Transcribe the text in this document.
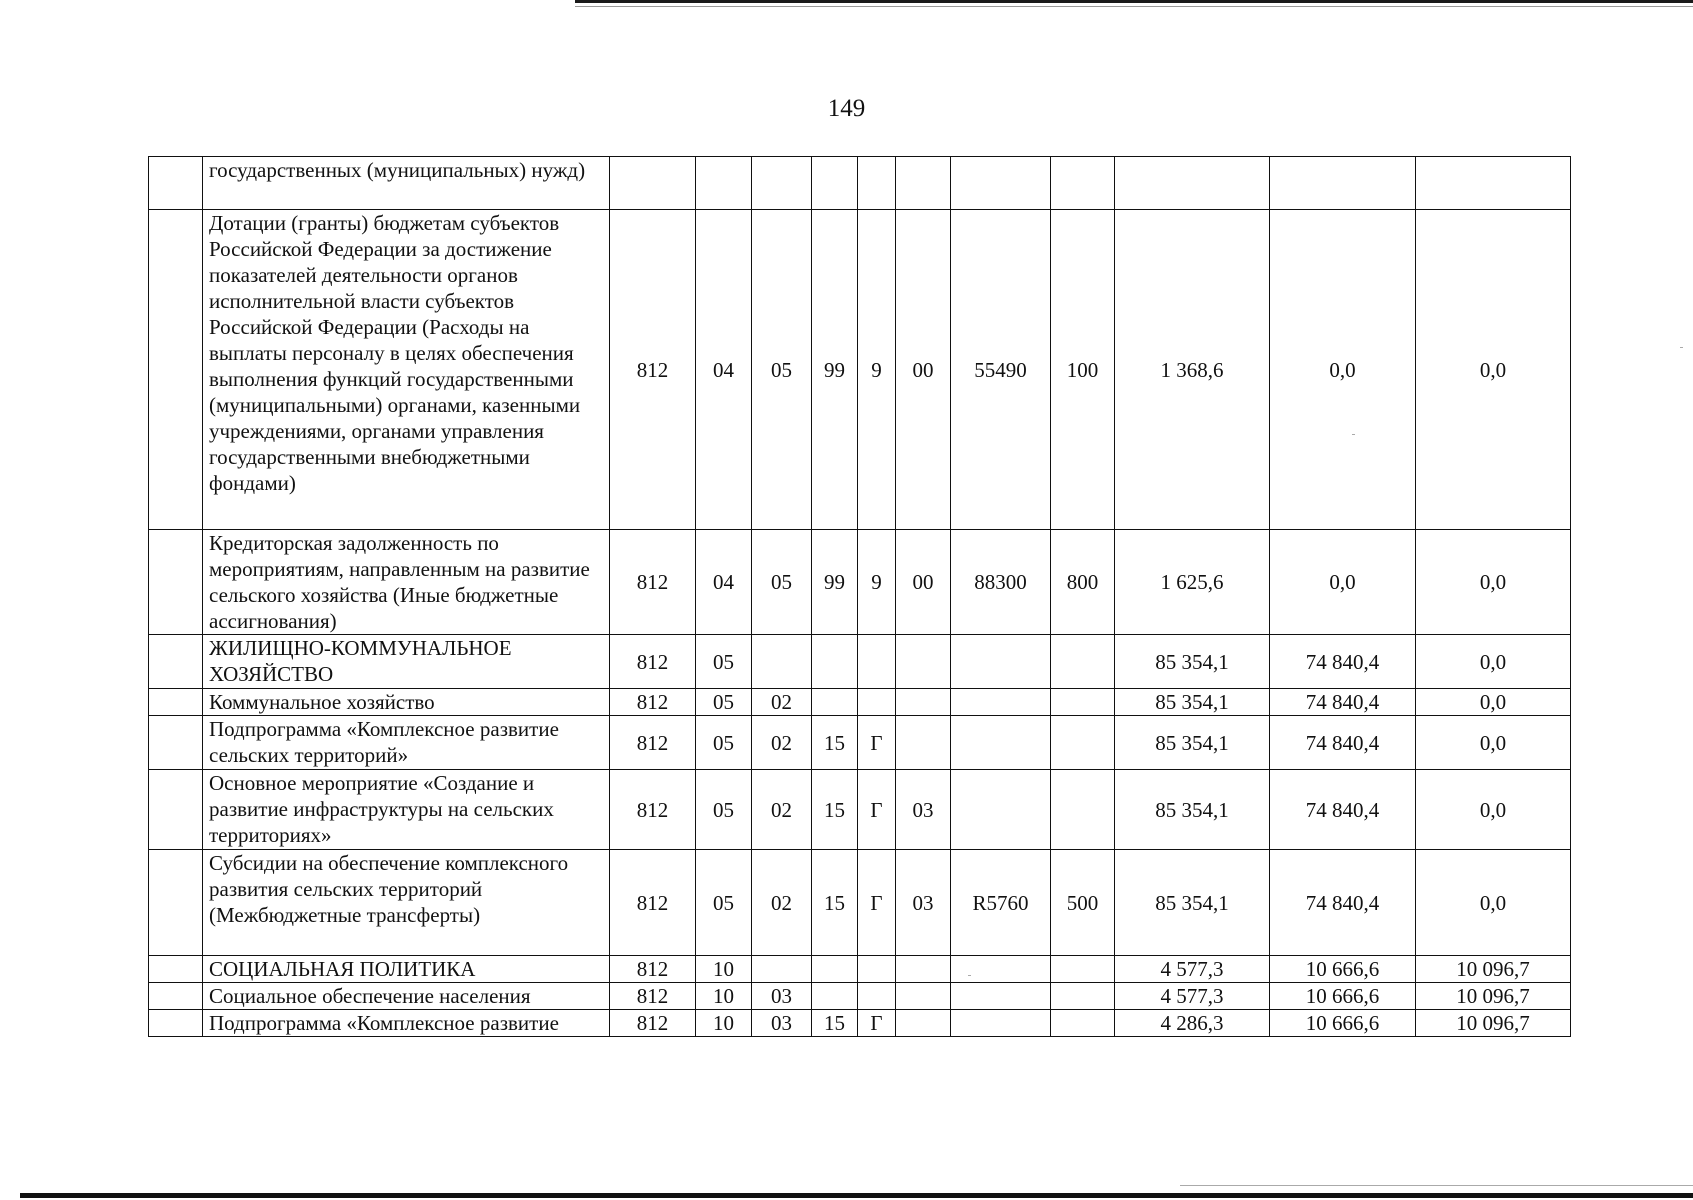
149
	государственных (муниципальных) нужд)											
	Дотации (гранты) бюджетам субъектов Российской Федерации за достижение показателей деятельности органов исполнительной власти субъектов Российской Федерации (Расходы на выплаты персоналу в целях обеспечения выполнения функций государственными (муниципальными) органами, казенными учреждениями, органами управления государственными внебюджетными фондами)	812	04	05	99	9	00	55490	100	1 368,6	0,0	0,0
	Кредиторская задолженность по мероприятиям, направленным на развитие сельского хозяйства (Иные бюджетные ассигнования)	812	04	05	99	9	00	88300	800	1 625,6	0,0	0,0
	ЖИЛИЩНО-КОММУНАЛЬНОЕ ХОЗЯЙСТВО	812	05							85 354,1	74 840,4	0,0
	Коммунальное хозяйство	812	05	02						85 354,1	74 840,4	0,0
	Подпрограмма «Комплексное развитие сельских территорий»	812	05	02	15	Г				85 354,1	74 840,4	0,0
	Основное мероприятие «Создание и развитие инфраструктуры на сельских территориях»	812	05	02	15	Г	03			85 354,1	74 840,4	0,0
	Субсидии на обеспечение комплексного развития сельских территорий (Межбюджетные трансферты)	812	05	02	15	Г	03	R5760	500	85 354,1	74 840,4	0,0
	СОЦИАЛЬНАЯ ПОЛИТИКА	812	10							4 577,3	10 666,6	10 096,7
	Социальное обеспечение населения	812	10	03						4 577,3	10 666,6	10 096,7
	Подпрограмма «Комплексное развитие	812	10	03	15	Г				4 286,3	10 666,6	10 096,7
